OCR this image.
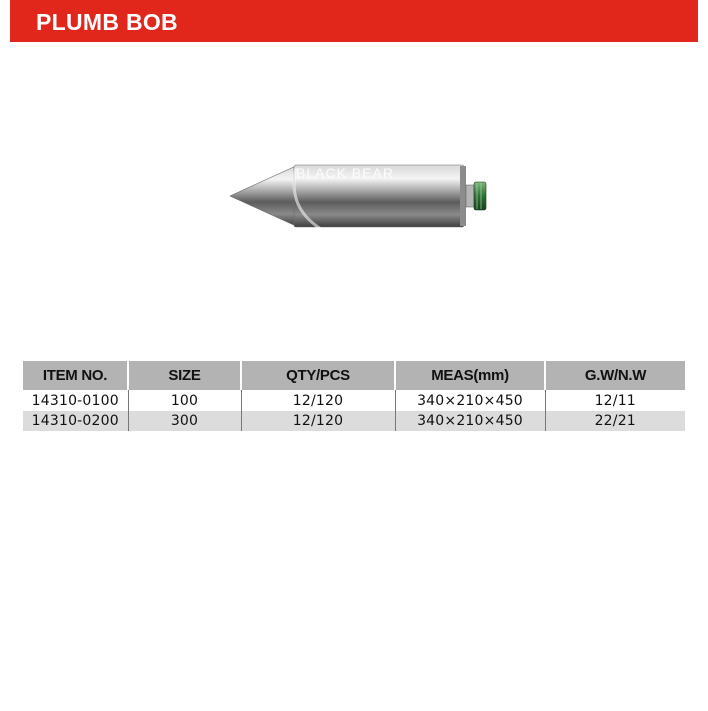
PLUMB BOB
BLACK BEAR
ITEM NO.	SIZE	QTY/PCS	MEAS(mm)	G.W/N.W
14310-0100	100	12/120	340×210×450	12/11
14310-0200	300	12/120	340×210×450	22/21
